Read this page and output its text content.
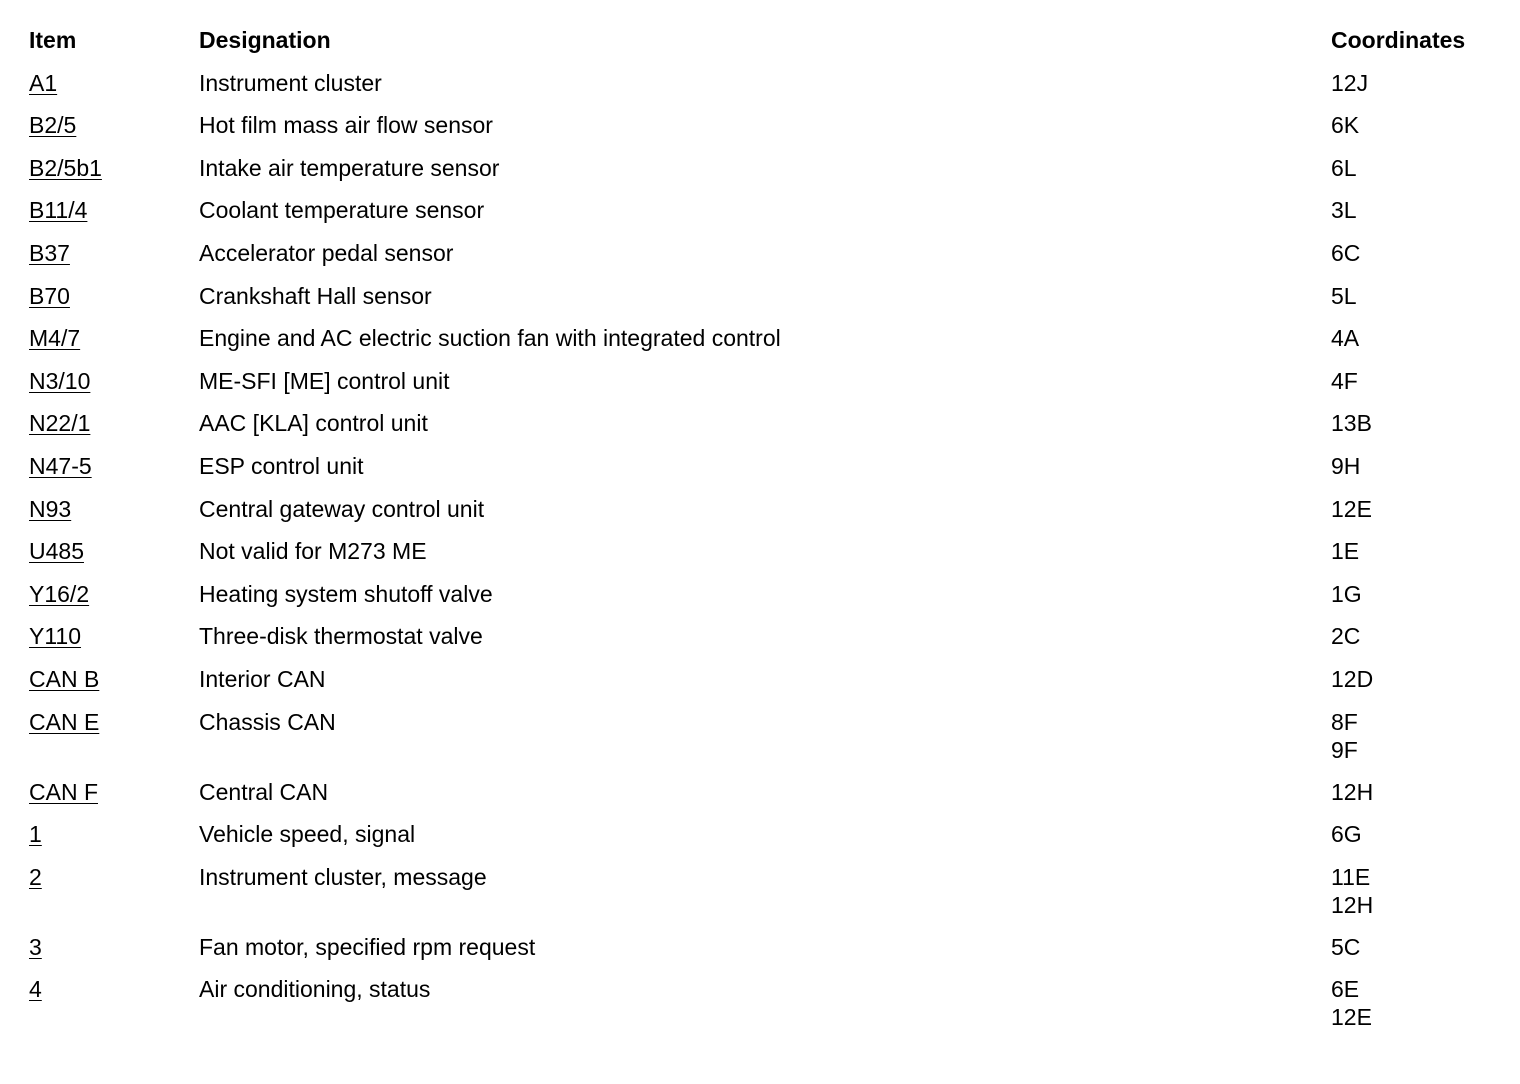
Item	Designation	Coordinates
A1	Instrument cluster	12J
B2/5	Hot film mass air flow sensor	6K
B2/5b1	Intake air temperature sensor	6L
B11/4	Coolant temperature sensor	3L
B37	Accelerator pedal sensor	6C
B70	Crankshaft Hall sensor	5L
M4/7	Engine and AC electric suction fan with integrated control	4A
N3/10	ME-SFI [ME] control unit	4F
N22/1	AAC [KLA] control unit	13B
N47-5	ESP control unit	9H
N93	Central gateway control unit	12E
U485	Not valid for M273 ME	1E
Y16/2	Heating system shutoff valve	1G
Y110	Three-disk thermostat valve	2C
CAN B	Interior CAN	12D
CAN E	Chassis CAN	8F
9F
CAN F	Central CAN	12H
1	Vehicle speed, signal	6G
2	Instrument cluster, message	11E
12H
3	Fan motor, specified rpm request	5C
4	Air conditioning, status	6E
12E
